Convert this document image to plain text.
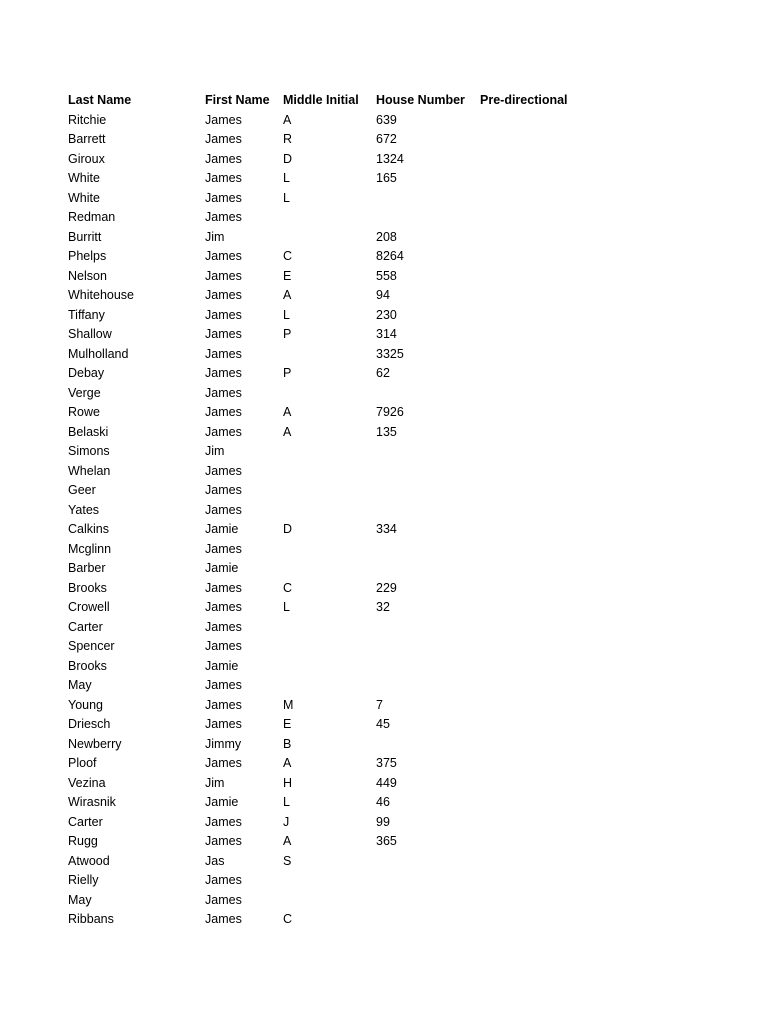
Last Name	First Name	Middle Initial	House Number	Pre-directional
Ritchie	James	A	639	
Barrett	James	R	672	
Giroux	James	D	1324	
White	James	L	165	
White	James	L		
Redman	James			
Burritt	Jim		208	
Phelps	James	C	8264	
Nelson	James	E	558	
Whitehouse	James	A	94	
Tiffany	James	L	230	
Shallow	James	P	314	
Mulholland	James		3325	
Debay	James	P	62	
Verge	James			
Rowe	James	A	7926	
Belaski	James	A	135	
Simons	Jim			
Whelan	James			
Geer	James			
Yates	James			
Calkins	Jamie	D	334	
Mcglinn	James			
Barber	Jamie			
Brooks	James	C	229	
Crowell	James	L	32	
Carter	James			
Spencer	James			
Brooks	Jamie			
May	James			
Young	James	M	7	
Driesch	James	E	45	
Newberry	Jimmy	B		
Ploof	James	A	375	
Vezina	Jim	H	449	
Wirasnik	Jamie	L	46	
Carter	James	J	99	
Rugg	James	A	365	
Atwood	Jas	S		
Rielly	James			
May	James			
Ribbans	James	C		
